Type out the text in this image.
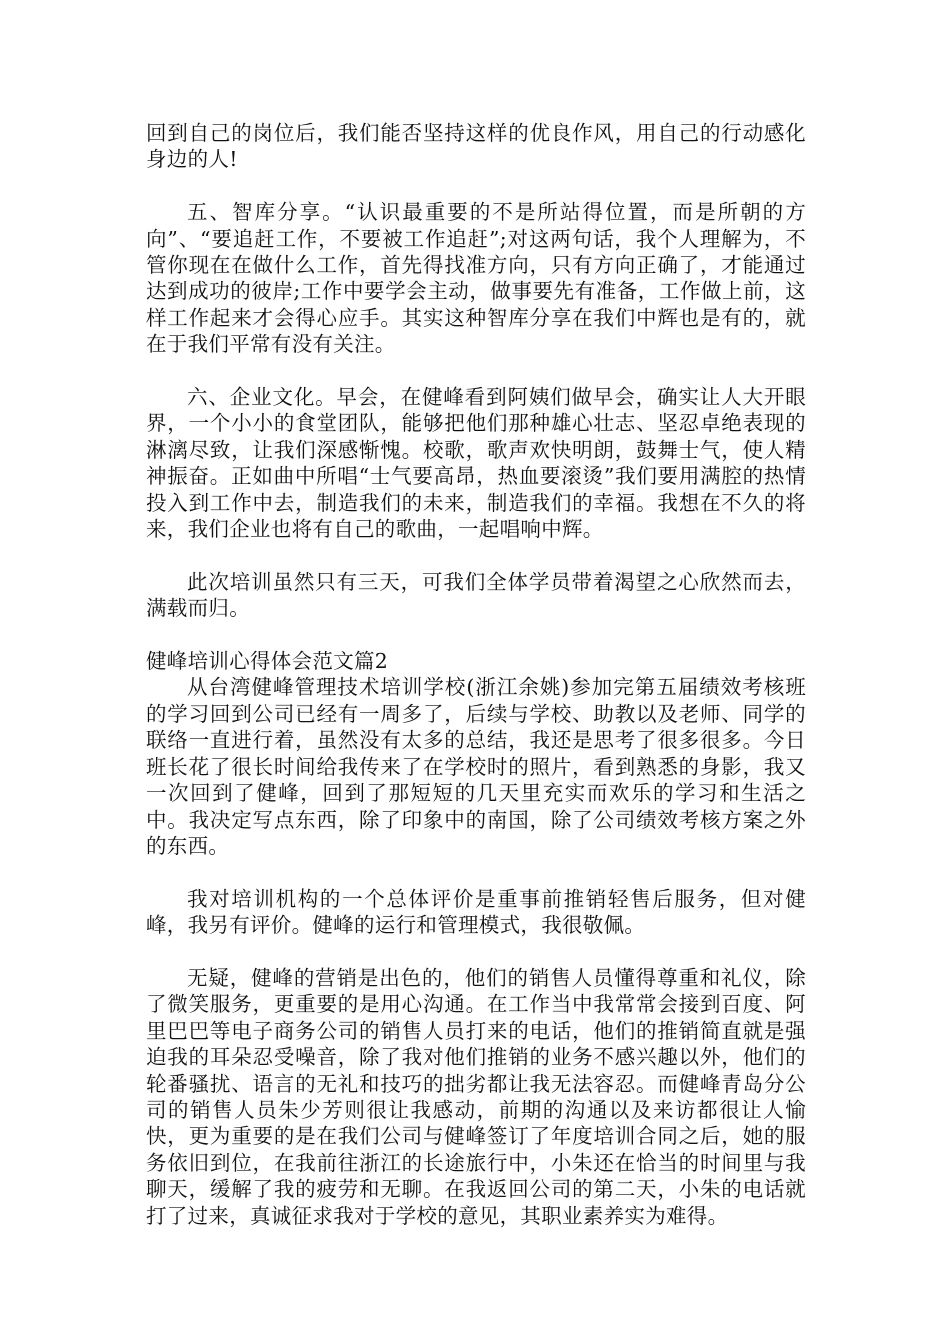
回到自己的岗位后，我们能否坚持这样的优良作风，用自己的行动感化身边的人!

五、智库分享。“认识最重要的不是所站得位置，而是所朝的方向”、“要追赶工作，不要被工作追赶”;对这两句话，我个人理解为，不管你现在在做什么工作，首先得找准方向，只有方向正确了，才能通过达到成功的彼岸;工作中要学会主动，做事要先有准备，工作做上前，这样工作起来才会得心应手。其实这种智库分享在我们中辉也是有的，就在于我们平常有没有关注。

六、企业文化。早会，在健峰看到阿姨们做早会，确实让人大开眼界，一个小小的食堂团队，能够把他们那种雄心壮志、坚忍卓绝表现的淋漓尽致，让我们深感惭愧。校歌，歌声欢快明朗，鼓舞士气，使人精神振奋。正如曲中所唱“士气要高昂，热血要滚烫”我们要用满腔的热情投入到工作中去，制造我们的未来，制造我们的幸福。我想在不久的将来，我们企业也将有自己的歌曲，一起唱响中辉。

此次培训虽然只有三天，可我们全体学员带着渴望之心欣然而去，满载而归。

健峰培训心得体会范文篇2

从台湾健峰管理技术培训学校(浙江余姚)参加完第五届绩效考核班的学习回到公司已经有一周多了，后续与学校、助教以及老师、同学的联络一直进行着，虽然没有太多的总结，我还是思考了很多很多。今日班长花了很长时间给我传来了在学校时的照片，看到熟悉的身影，我又一次回到了健峰，回到了那短短的几天里充实而欢乐的学习和生活之中。我决定写点东西，除了印象中的南国，除了公司绩效考核方案之外的东西。

我对培训机构的一个总体评价是重事前推销轻售后服务，但对健峰，我另有评价。健峰的运行和管理模式，我很敬佩。

无疑，健峰的营销是出色的，他们的销售人员懂得尊重和礼仪，除了微笑服务，更重要的是用心沟通。在工作当中我常常会接到百度、阿里巴巴等电子商务公司的销售人员打来的电话，他们的推销简直就是强迫我的耳朵忍受噪音，除了我对他们推销的业务不感兴趣以外，他们的轮番骚扰、语言的无礼和技巧的拙劣都让我无法容忍。而健峰青岛分公司的销售人员朱少芳则很让我感动，前期的沟通以及来访都很让人愉快，更为重要的是在我们公司与健峰签订了年度培训合同之后，她的服务依旧到位，在我前往浙江的长途旅行中，小朱还在恰当的时间里与我聊天，缓解了我的疲劳和无聊。在我返回公司的第二天，小朱的电话就打了过来，真诚征求我对于学校的意见，其职业素养实为难得。
